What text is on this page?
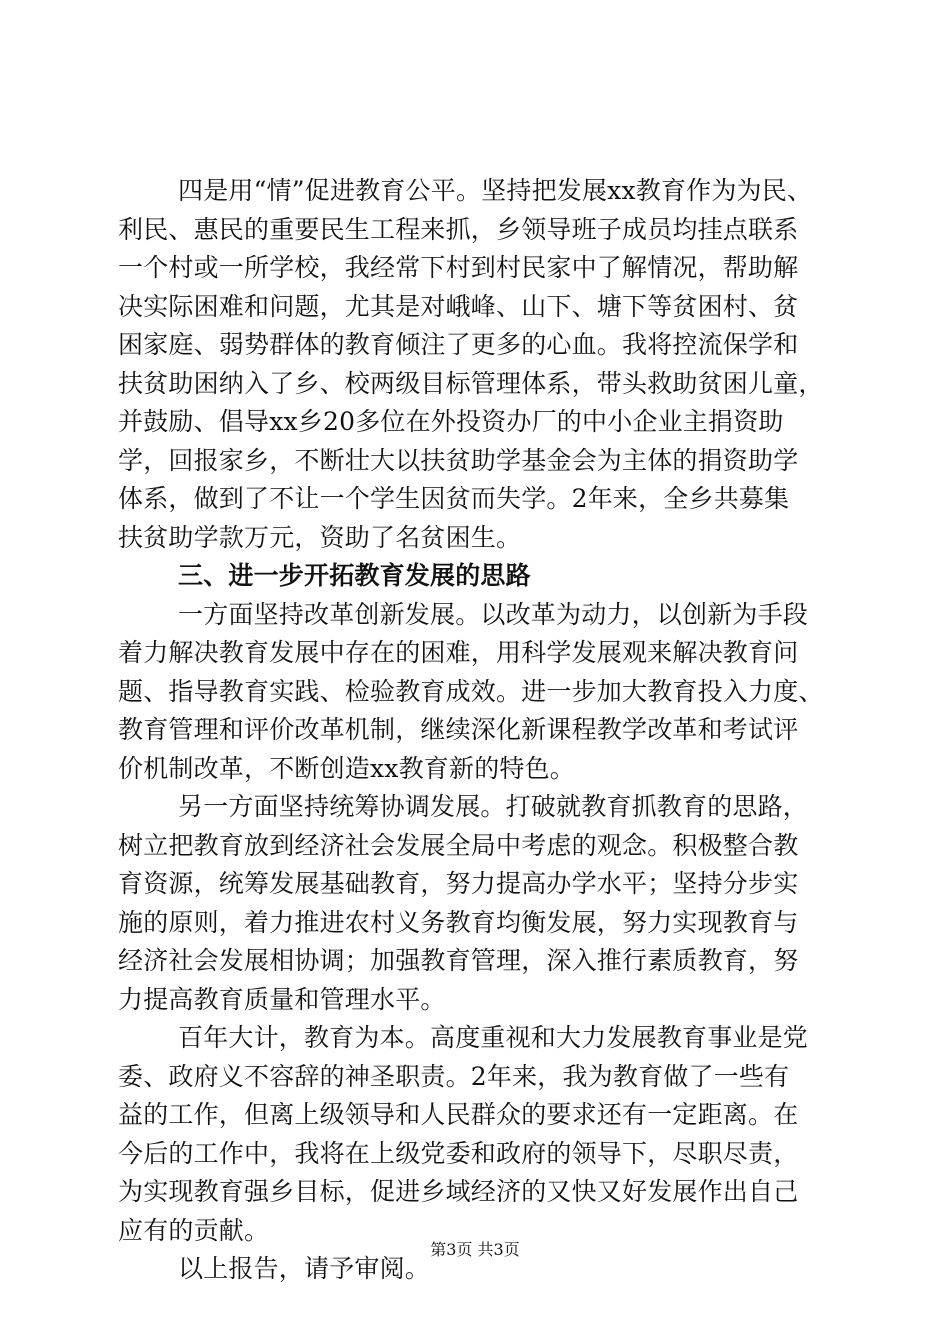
四是用“情”促进教育公平。坚持把发展xx教育作为为民、
利民、惠民的重要民生工程来抓，乡领导班子成员均挂点联系
一个村或一所学校，我经常下村到村民家中了解情况，帮助解
决实际困难和问题，尤其是对峨峰、山下、塘下等贫困村、贫
困家庭、弱势群体的教育倾注了更多的心血。我将控流保学和
扶贫助困纳入了乡、校两级目标管理体系，带头救助贫困儿童，
并鼓励、倡导xx乡20多位在外投资办厂的中小企业主捐资助
学，回报家乡，不断壮大以扶贫助学基金会为主体的捐资助学
体系，做到了不让一个学生因贫而失学。2年来，全乡共募集
扶贫助学款万元，资助了名贫困生。
三、进一步开拓教育发展的思路
一方面坚持改革创新发展。以改革为动力，以创新为手段
着力解决教育发展中存在的困难，用科学发展观来解决教育问
题、指导教育实践、检验教育成效。进一步加大教育投入力度、
教育管理和评价改革机制，继续深化新课程教学改革和考试评
价机制改革，不断创造xx教育新的特色。
另一方面坚持统筹协调发展。打破就教育抓教育的思路，
树立把教育放到经济社会发展全局中考虑的观念。积极整合教
育资源，统筹发展基础教育，努力提高办学水平；坚持分步实
施的原则，着力推进农村义务教育均衡发展，努力实现教育与
经济社会发展相协调；加强教育管理，深入推行素质教育，努
力提高教育质量和管理水平。
百年大计，教育为本。高度重视和大力发展教育事业是党
委、政府义不容辞的神圣职责。2年来，我为教育做了一些有
益的工作，但离上级领导和人民群众的要求还有一定距离。在
今后的工作中，我将在上级党委和政府的领导下，尽职尽责，
为实现教育强乡目标，促进乡域经济的又快又好发展作出自己
应有的贡献。
以上报告，请予审阅。
第3页 共3页
